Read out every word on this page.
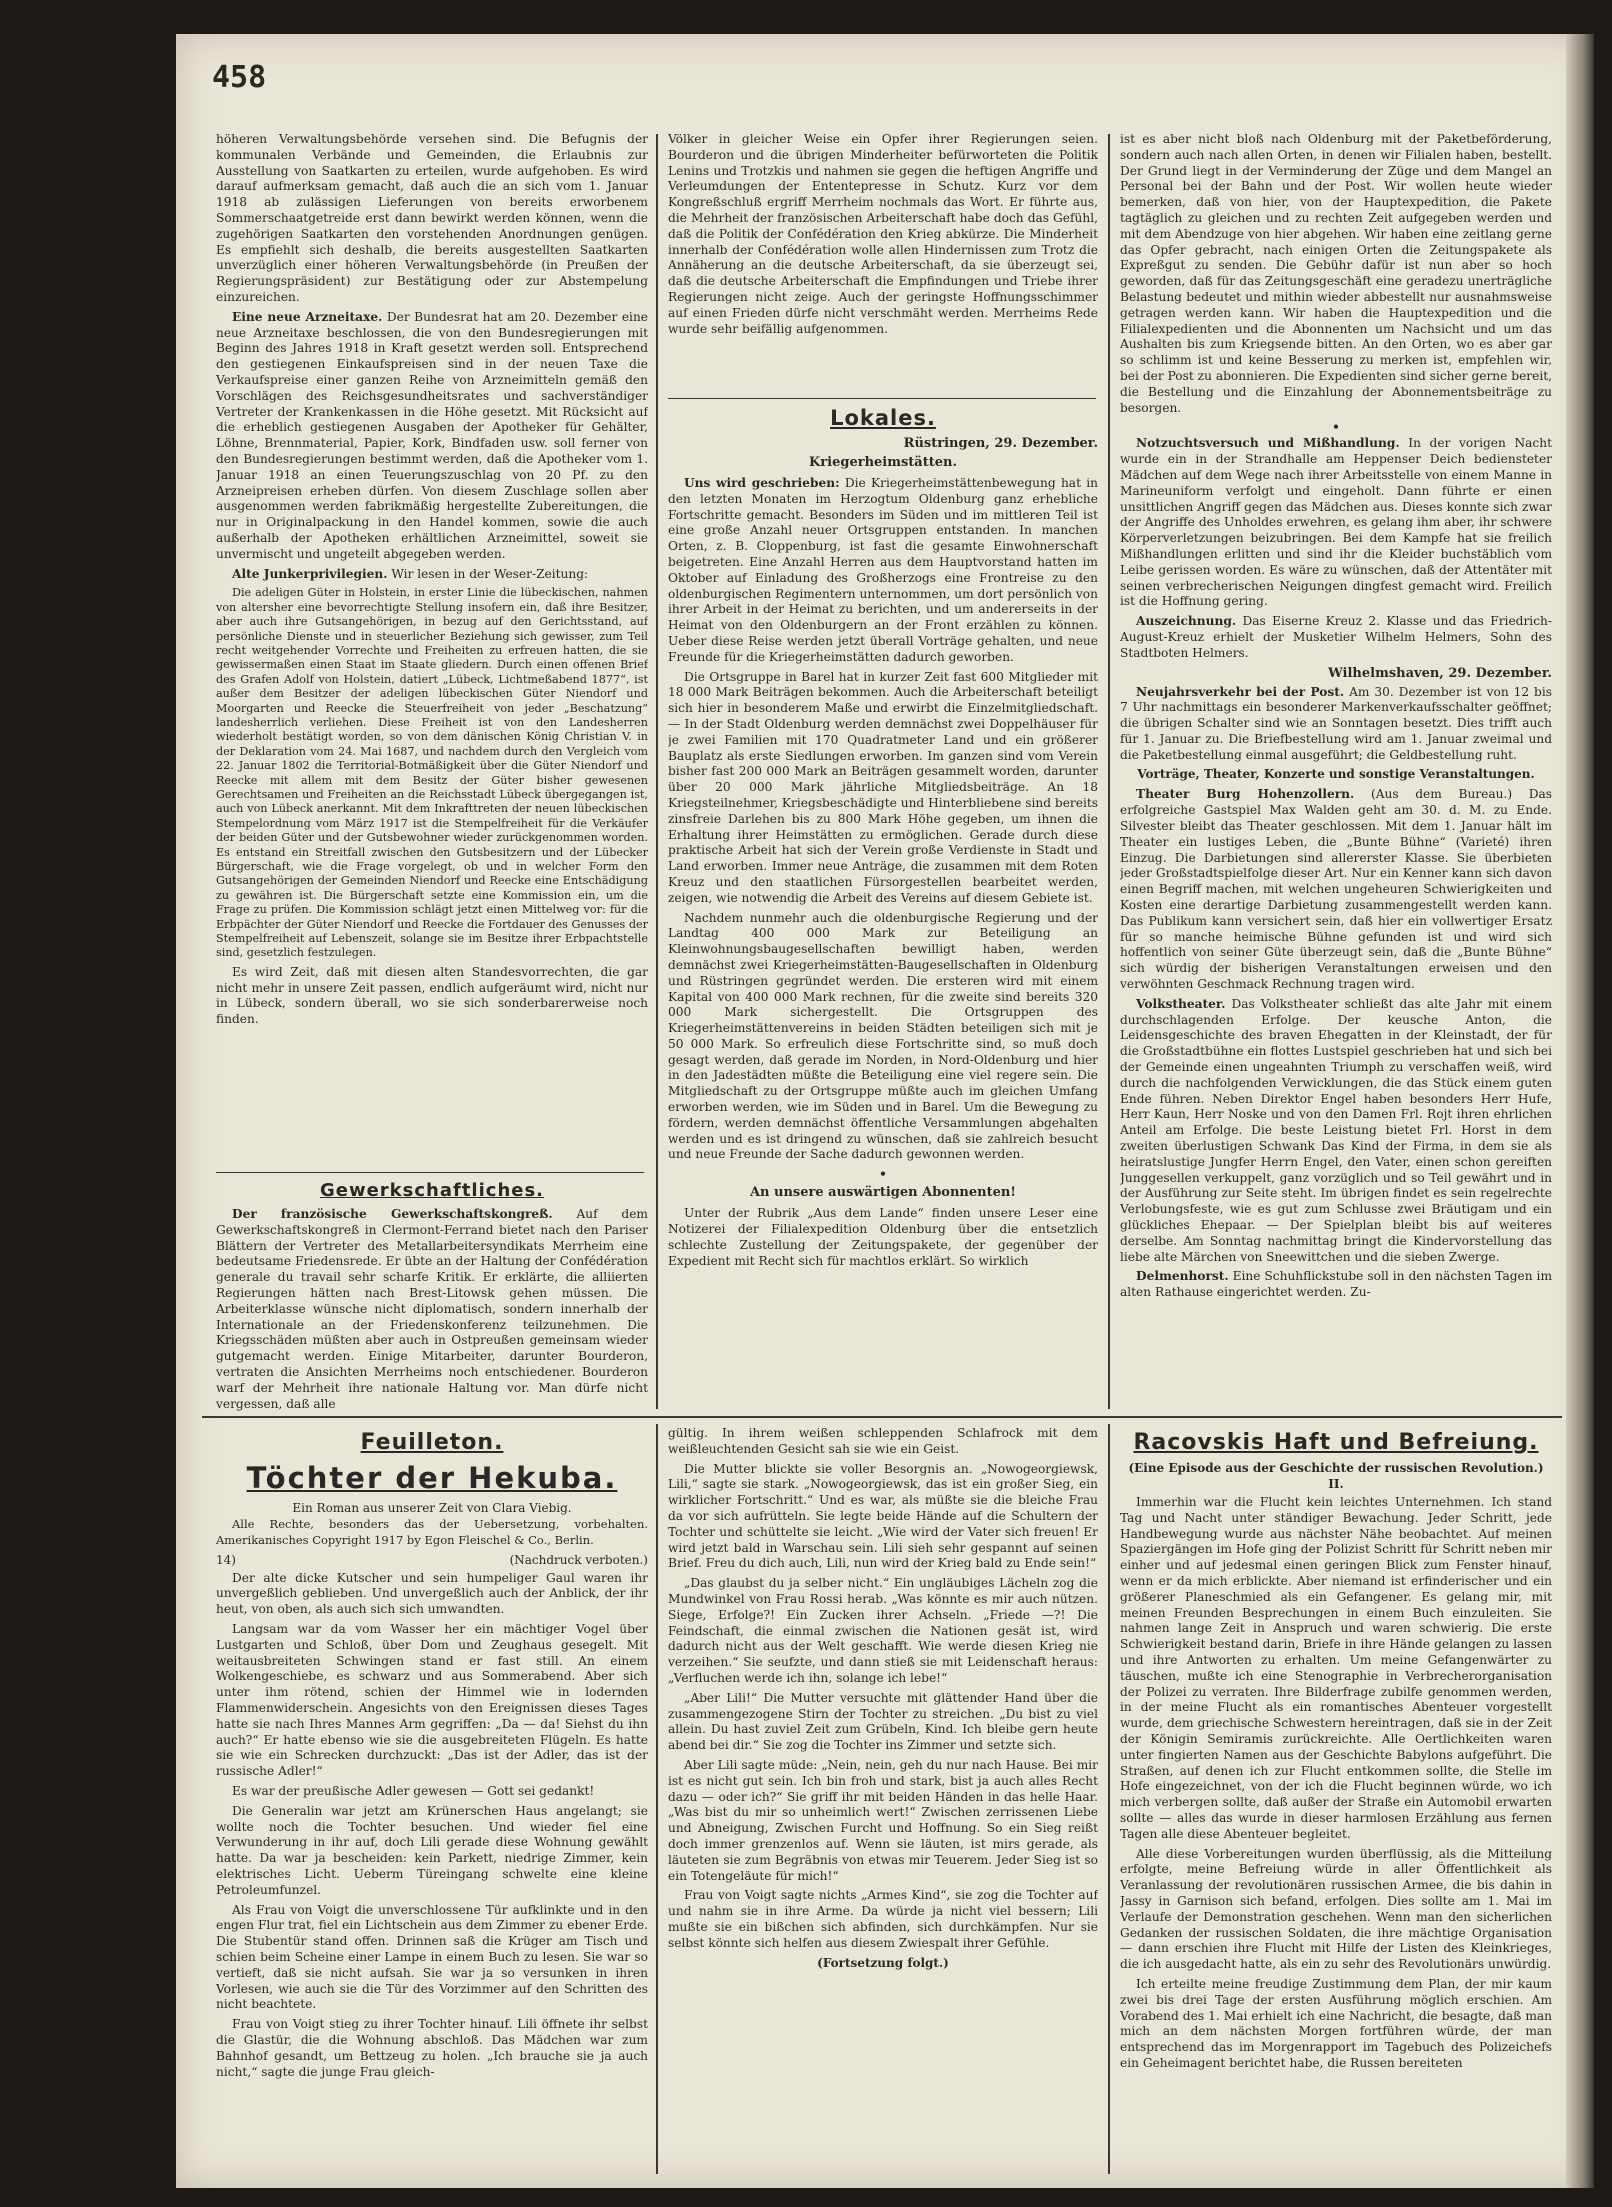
458

höheren Verwaltungsbehörde versehen sind. Die Befugnis der kommunalen Verbände und Gemeinden, die Erlaubnis zur Ausstellung von Saatkarten zu erteilen, wurde aufgehoben. Es wird darauf aufmerksam gemacht, daß auch die an sich vom 1. Januar 1918 ab zulässigen Lieferungen von bereits erworbenem Sommerschaatgetreide erst dann bewirkt werden können, wenn die zugehörigen Saatkarten den vorstehenden Anordnungen genügen. Es empfiehlt sich deshalb, die bereits ausgestellten Saatkarten unverzüglich einer höheren Verwaltungsbehörde (in Preußen der Regierungspräsident) zur Bestätigung oder zur Abstempelung einzureichen.

Eine neue Arzneitaxe. Der Bundesrat hat am 20. Dezember eine neue Arzneitaxe beschlossen, die von den Bundesregierungen mit Beginn des Jahres 1918 in Kraft gesetzt werden soll. Entsprechend den gestiegenen Einkaufspreisen sind in der neuen Taxe die Verkaufspreise einer ganzen Reihe von Arzneimitteln gemäß den Vorschlägen des Reichsgesundheitsrates und sachverständiger Vertreter der Krankenkassen in die Höhe gesetzt. Mit Rücksicht auf die erheblich gestiegenen Ausgaben der Apotheker für Gehälter, Löhne, Brennmaterial, Papier, Kork, Bindfaden usw. soll ferner von den Bundesregierungen bestimmt werden, daß die Apotheker vom 1. Januar 1918 an einen Teuerungszuschlag von 20 Pf. zu den Arzneipreisen erheben dürfen. Von diesem Zuschlage sollen aber ausgenommen werden fabrikmäßig hergestellte Zubereitungen, die nur in Originalpackung in den Handel kommen, sowie die auch außerhalb der Apotheken erhältlichen Arzneimittel, soweit sie unvermischt und ungeteilt abgegeben werden.

Alte Junkerprivilegien. Wir lesen in der Weser-Zeitung:

Die adeligen Güter in Holstein, in erster Linie die lübeckischen, nahmen von altersher eine bevorrechtigte Stellung insofern ein, daß ihre Besitzer, aber auch ihre Gutsangehörigen, in bezug auf den Gerichtsstand, auf persönliche Dienste und in steuerlicher Beziehung sich gewisser, zum Teil recht weitgehender Vorrechte und Freiheiten zu erfreuen hatten, die sie gewissermaßen einen Staat im Staate gliedern. Durch einen offenen Brief des Grafen Adolf von Holstein, datiert „Lübeck, Lichtmeßabend 1877“, ist außer dem Besitzer der adeligen lübeckischen Güter Niendorf und Moorgarten und Reecke die Steuerfreiheit von jeder „Beschatzung“ landesherrlich verliehen. Diese Freiheit ist von den Landesherren wiederholt bestätigt worden, so von dem dänischen König Christian V. in der Deklaration vom 24. Mai 1687, und nachdem durch den Vergleich vom 22. Januar 1802 die Territorial-Botmäßigkeit über die Güter Niendorf und Reecke mit allem mit dem Besitz der Güter bisher gewesenen Gerechtsamen und Freiheiten an die Reichsstadt Lübeck übergegangen ist, auch von Lübeck anerkannt. Mit dem Inkrafttreten der neuen lübeckischen Stempelordnung vom März 1917 ist die Stempelfreiheit für die Verkäufer der beiden Güter und der Gutsbewohner wieder zurückgenommen worden. Es entstand ein Streitfall zwischen den Gutsbesitzern und der Lübecker Bürgerschaft, wie die Frage vorgelegt, ob und in welcher Form den Gutsangehörigen der Gemeinden Niendorf und Reecke eine Entschädigung zu gewähren ist. Die Bürgerschaft setzte eine Kommission ein, um die Frage zu prüfen. Die Kommission schlägt jetzt einen Mittelweg vor: für die Erbpächter der Güter Niendorf und Reecke die Fortdauer des Genusses der Stempelfreiheit auf Lebenszeit, solange sie im Besitze ihrer Erbpachtstelle sind, gesetzlich festzulegen.

Es wird Zeit, daß mit diesen alten Standesvorrechten, die gar nicht mehr in unsere Zeit passen, endlich aufgeräumt wird, nicht nur in Lübeck, sondern überall, wo sie sich sonderbarerweise noch finden.

Gewerkschaftliches.

Der französische Gewerkschaftskongreß. Auf dem Gewerkschaftskongreß in Clermont-Ferrand bietet nach den Pariser Blättern der Vertreter des Metallarbeitersyndikats Merrheim eine bedeutsame Friedensrede. Er übte an der Haltung der Confédération generale du travail sehr scharfe Kritik. Er erklärte, die alliierten Regierungen hätten nach Brest-Litowsk gehen müssen. Die Arbeiterklasse wünsche nicht diplomatisch, sondern innerhalb der Internationale an der Friedenskonferenz teilzunehmen. Die Kriegsschäden müßten aber auch in Ostpreußen gemeinsam wieder gutgemacht werden. Einige Mitarbeiter, darunter Bourderon, vertraten die Ansichten Merrheims noch entschiedener. Bourderon warf der Mehrheit ihre nationale Haltung vor. Man dürfe nicht vergessen, daß alle

Völker in gleicher Weise ein Opfer ihrer Regierungen seien. Bourderon und die übrigen Minderheiter befürworteten die Politik Lenins und Trotzkis und nahmen sie gegen die heftigen Angriffe und Verleumdungen der Ententepresse in Schutz. Kurz vor dem Kongreßschluß ergriff Merrheim nochmals das Wort. Er führte aus, die Mehrheit der französischen Arbeiterschaft habe doch das Gefühl, daß die Politik der Confédération den Krieg abkürze. Die Minderheit innerhalb der Confédération wolle allen Hindernissen zum Trotz die Annäherung an die deutsche Arbeiterschaft, da sie überzeugt sei, daß die deutsche Arbeiterschaft die Empfindungen und Triebe ihrer Regierungen nicht zeige. Auch der geringste Hoffnungsschimmer auf einen Frieden dürfe nicht verschmäht werden. Merrheims Rede wurde sehr beifällig aufgenommen.

Lokales.
Rüstringen, 29. Dezember.
Kriegerheimstätten.

Uns wird geschrieben: Die Kriegerheimstättenbewegung hat in den letzten Monaten im Herzogtum Oldenburg ganz erhebliche Fortschritte gemacht. Besonders im Süden und im mittleren Teil ist eine große Anzahl neuer Ortsgruppen entstanden. In manchen Orten, z. B. Cloppenburg, ist fast die gesamte Einwohnerschaft beigetreten. Eine Anzahl Herren aus dem Hauptvorstand hatten im Oktober auf Einladung des Großherzogs eine Frontreise zu den oldenburgischen Regimentern unternommen, um dort persönlich von ihrer Arbeit in der Heimat zu berichten, und um andererseits in der Heimat von den Oldenburgern an der Front erzählen zu können. Ueber diese Reise werden jetzt überall Vorträge gehalten, und neue Freunde für die Kriegerheimstätten dadurch geworben.

Die Ortsgruppe in Barel hat in kurzer Zeit fast 600 Mitglieder mit 18 000 Mark Beiträgen bekommen. Auch die Arbeiterschaft beteiligt sich hier in besonderem Maße und erwirbt die Einzelmitgliedschaft. — In der Stadt Oldenburg werden demnächst zwei Doppelhäuser für je zwei Familien mit 170 Quadratmeter Land und ein größerer Bauplatz als erste Siedlungen erworben. Im ganzen sind vom Verein bisher fast 200 000 Mark an Beiträgen gesammelt worden, darunter über 20 000 Mark jährliche Mitgliedsbeiträge. An 18 Kriegsteilnehmer, Kriegsbeschädigte und Hinterbliebene sind bereits zinsfreie Darlehen bis zu 800 Mark Höhe gegeben, um ihnen die Erhaltung ihrer Heimstätten zu ermöglichen. Gerade durch diese praktische Arbeit hat sich der Verein große Verdienste in Stadt und Land erworben. Immer neue Anträge, die zusammen mit dem Roten Kreuz und den staatlichen Fürsorgestellen bearbeitet werden, zeigen, wie notwendig die Arbeit des Vereins auf diesem Gebiete ist.

Nachdem nunmehr auch die oldenburgische Regierung und der Landtag 400 000 Mark zur Beteiligung an Kleinwohnungsbaugesellschaften bewilligt haben, werden demnächst zwei Kriegerheimstätten-Baugesellschaften in Oldenburg und Rüstringen gegründet werden. Die ersteren wird mit einem Kapital von 400 000 Mark rechnen, für die zweite sind bereits 320 000 Mark sichergestellt. Die Ortsgruppen des Kriegerheimstättenvereins in beiden Städten beteiligen sich mit je 50 000 Mark. So erfreulich diese Fortschritte sind, so muß doch gesagt werden, daß gerade im Norden, in Nord-Oldenburg und hier in den Jadestädten müßte die Beteiligung eine viel regere sein. Die Mitgliedschaft zu der Ortsgruppe müßte auch im gleichen Umfang erworben werden, wie im Süden und in Barel. Um die Bewegung zu fördern, werden demnächst öffentliche Versammlungen abgehalten werden und es ist dringend zu wünschen, daß sie zahlreich besucht und neue Freunde der Sache dadurch gewonnen werden.

•
An unsere auswärtigen Abonnenten!

Unter der Rubrik „Aus dem Lande“ finden unsere Leser eine Notizerei der Filialexpedition Oldenburg über die entsetzlich schlechte Zustellung der Zeitungspakete, der gegenüber der Expedient mit Recht sich für machtlos erklärt. So wirklich

ist es aber nicht bloß nach Oldenburg mit der Paketbeförderung, sondern auch nach allen Orten, in denen wir Filialen haben, bestellt. Der Grund liegt in der Verminderung der Züge und dem Mangel an Personal bei der Bahn und der Post. Wir wollen heute wieder bemerken, daß von hier, von der Hauptexpedition, die Pakete tagtäglich zu gleichen und zu rechten Zeit aufgegeben werden und mit dem Abendzuge von hier abgehen. Wir haben eine zeitlang gerne das Opfer gebracht, nach einigen Orten die Zeitungspakete als Expreßgut zu senden. Die Gebühr dafür ist nun aber so hoch geworden, daß für das Zeitungsgeschäft eine geradezu unerträgliche Belastung bedeutet und mithin wieder abbestellt nur ausnahmsweise getragen werden kann. Wir haben die Hauptexpedition und die Filialexpedienten und die Abonnenten um Nachsicht und um das Aushalten bis zum Kriegsende bitten. An den Orten, wo es aber gar so schlimm ist und keine Besserung zu merken ist, empfehlen wir, bei der Post zu abonnieren. Die Expedienten sind sicher gerne bereit, die Bestellung und die Einzahlung der Abonnementsbeiträge zu besorgen.

•

Notzuchtsversuch und Mißhandlung. In der vorigen Nacht wurde ein in der Strandhalle am Heppenser Deich bediensteter Mädchen auf dem Wege nach ihrer Arbeitsstelle von einem Manne in Marineuniform verfolgt und eingeholt. Dann führte er einen unsittlichen Angriff gegen das Mädchen aus. Dieses konnte sich zwar der Angriffe des Unholdes erwehren, es gelang ihm aber, ihr schwere Körperverletzungen beizubringen. Bei dem Kampfe hat sie freilich Mißhandlungen erlitten und sind ihr die Kleider buchstäblich vom Leibe gerissen worden. Es wäre zu wünschen, daß der Attentäter mit seinen verbrecherischen Neigungen dingfest gemacht wird. Freilich ist die Hoffnung gering.

Auszeichnung. Das Eiserne Kreuz 2. Klasse und das Friedrich-August-Kreuz erhielt der Musketier Wilhelm Helmers, Sohn des Stadtboten Helmers.

Wilhelmshaven, 29. Dezember.

Neujahrsverkehr bei der Post. Am 30. Dezember ist von 12 bis 7 Uhr nachmittags ein besonderer Markenverkaufsschalter geöffnet; die übrigen Schalter sind wie an Sonntagen besetzt. Dies trifft auch für 1. Januar zu. Die Briefbestellung wird am 1. Januar zweimal und die Paketbestellung einmal ausgeführt; die Geldbestellung ruht.

Vorträge, Theater, Konzerte und sonstige Veranstaltungen.

Theater Burg Hohenzollern. (Aus dem Bureau.) Das erfolgreiche Gastspiel Max Walden geht am 30. d. M. zu Ende. Silvester bleibt das Theater geschlossen. Mit dem 1. Januar hält im Theater ein lustiges Leben, die „Bunte Bühne“ (Varieté) ihren Einzug. Die Darbietungen sind allererster Klasse. Sie überbieten jeder Großstadtspielfolge dieser Art. Nur ein Kenner kann sich davon einen Begriff machen, mit welchen ungeheuren Schwierigkeiten und Kosten eine derartige Darbietung zusammengestellt werden kann. Das Publikum kann versichert sein, daß hier ein vollwertiger Ersatz für so manche heimische Bühne gefunden ist und wird sich hoffentlich von seiner Güte überzeugt sein, daß die „Bunte Bühne“ sich würdig der bisherigen Veranstaltungen erweisen und den verwöhnten Geschmack Rechnung tragen wird.

Volkstheater. Das Volkstheater schließt das alte Jahr mit einem durchschlagenden Erfolge. Der keusche Anton, die Leidensgeschichte des braven Ehegatten in der Kleinstadt, der für die Großstadtbühne ein flottes Lustspiel geschrieben hat und sich bei der Gemeinde einen ungeahnten Triumph zu verschaffen weiß, wird durch die nachfolgenden Verwicklungen, die das Stück einem guten Ende führen. Neben Direktor Engel haben besonders Herr Hufe, Herr Kaun, Herr Noske und von den Damen Frl. Rojt ihren ehrlichen Anteil am Erfolge. Die beste Leistung bietet Frl. Horst in dem zweiten überlustigen Schwank Das Kind der Firma, in dem sie als heiratslustige Jungfer Herrn Engel, den Vater, einen schon gereiften Junggesellen verkuppelt, ganz vorzüglich und so Teil gewährt und in der Ausführung zur Seite steht. Im übrigen findet es sein regelrechte Verlobungsfeste, wie es gut zum Schlusse zwei Bräutigam und ein glückliches Ehepaar. — Der Spielplan bleibt bis auf weiteres derselbe. Am Sonntag nachmittag bringt die Kindervorstellung das liebe alte Märchen von Sneewittchen und die sieben Zwerge.

Delmenhorst. Eine Schuhflickstube soll in den nächsten Tagen im alten Rathause eingerichtet werden. Zu-

Feuilleton.
Töchter der Hekuba.
Ein Roman aus unserer Zeit von Clara Viebig.

Alle Rechte, besonders das der Uebersetzung, vorbehalten. Amerikanisches Copyright 1917 by Egon Fleischel & Co., Berlin.

14)	(Nachdruck verboten.)

Der alte dicke Kutscher und sein humpeliger Gaul waren ihr unvergeßlich geblieben. Und unvergeßlich auch der Anblick, der ihr heut, von oben, als auch sich sich umwandten.

Langsam war da vom Wasser her ein mächtiger Vogel über Lustgarten und Schloß, über Dom und Zeughaus gesegelt. Mit weitausbreiteten Schwingen stand er fast still. An einem Wolkengeschiebe, es schwarz und aus Sommerabend. Aber sich unter ihm rötend, schien der Himmel wie in lodernden Flammenwiderschein. Angesichts von den Ereignissen dieses Tages hatte sie nach Ihres Mannes Arm gegriffen: „Da — da! Siehst du ihn auch?“ Er hatte ebenso wie sie die ausgebreiteten Flügeln. Es hatte sie wie ein Schrecken durchzuckt: „Das ist der Adler, das ist der russische Adler!“

Es war der preußische Adler gewesen — Gott sei gedankt!

Die Generalin war jetzt am Krünerschen Haus angelangt; sie wollte noch die Tochter besuchen. Und wieder fiel eine Verwunderung in ihr auf, doch Lili gerade diese Wohnung gewählt hatte. Da war ja bescheiden: kein Parkett, niedrige Zimmer, kein elektrisches Licht. Ueberm Türeingang schwelte eine kleine Petroleumfunzel.

Als Frau von Voigt die unverschlossene Tür aufklinkte und in den engen Flur trat, fiel ein Lichtschein aus dem Zimmer zu ebener Erde. Die Stubentür stand offen. Drinnen saß die Krüger am Tisch und schien beim Scheine einer Lampe in einem Buch zu lesen. Sie war so vertieft, daß sie nicht aufsah. Sie war ja so versunken in ihren Vorlesen, wie auch sie die Tür des Vorzimmer auf den Schritten des nicht beachtete.

Frau von Voigt stieg zu ihrer Tochter hinauf. Lili öffnete ihr selbst die Glastür, die die Wohnung abschloß. Das Mädchen war zum Bahnhof gesandt, um Bettzeug zu holen. „Ich brauche sie ja auch nicht,“ sagte die junge Frau gleich-

gültig. In ihrem weißen schleppenden Schlafrock mit dem weißleuchtenden Gesicht sah sie wie ein Geist.

Die Mutter blickte sie voller Besorgnis an. „Nowogeorgiewsk, Lili,“ sagte sie stark. „Nowogeorgiewsk, das ist ein großer Sieg, ein wirklicher Fortschritt.“ Und es war, als müßte sie die bleiche Frau da vor sich aufrütteln. Sie legte beide Hände auf die Schultern der Tochter und schüttelte sie leicht. „Wie wird der Vater sich freuen! Er wird jetzt bald in Warschau sein. Lili sieh sehr gespannt auf seinen Brief. Freu du dich auch, Lili, nun wird der Krieg bald zu Ende sein!“

„Das glaubst du ja selber nicht.“ Ein ungläubiges Lächeln zog die Mundwinkel von Frau Rossi herab. „Was könnte es mir auch nützen. Siege, Erfolge?! Ein Zucken ihrer Achseln. „Friede —?! Die Feindschaft, die einmal zwischen die Nationen gesät ist, wird dadurch nicht aus der Welt geschafft. Wie werde diesen Krieg nie verzeihen.“ Sie seufzte, und dann stieß sie mit Leidenschaft heraus: „Verfluchen werde ich ihn, solange ich lebe!“

„Aber Lili!“ Die Mutter versuchte mit glättender Hand über die zusammengezogene Stirn der Tochter zu streichen. „Du bist zu viel allein. Du hast zuviel Zeit zum Grübeln, Kind. Ich bleibe gern heute abend bei dir.“ Sie zog die Tochter ins Zimmer und setzte sich.

Aber Lili sagte müde: „Nein, nein, geh du nur nach Hause. Bei mir ist es nicht gut sein. Ich bin froh und stark, bist ja auch alles Recht dazu — oder ich?“ Sie griff ihr mit beiden Händen in das helle Haar. „Was bist du mir so unheimlich wert!“ Zwischen zerrissenen Liebe und Abneigung, Zwischen Furcht und Hoffnung. So ein Sieg reißt doch immer grenzenlos auf. Wenn sie läuten, ist mirs gerade, als läuteten sie zum Begräbnis von etwas mir Teuerem. Jeder Sieg ist so ein Totengeläute für mich!“

Frau von Voigt sagte nichts „Armes Kind“, sie zog die Tochter auf und nahm sie in ihre Arme. Da würde ja nicht viel bessern; Lili mußte sie ein bißchen sich abfinden, sich durchkämpfen. Nur sie selbst könnte sich helfen aus diesem Zwiespalt ihrer Gefühle.

(Fortsetzung folgt.)
Racovskis Haft und Befreiung.
(Eine Episode aus der Geschichte der russischen Revolution.)
II.

Immerhin war die Flucht kein leichtes Unternehmen. Ich stand Tag und Nacht unter ständiger Bewachung. Jeder Schritt, jede Handbewegung wurde aus nächster Nähe beobachtet. Auf meinen Spaziergängen im Hofe ging der Polizist Schritt für Schritt neben mir einher und auf jedesmal einen geringen Blick zum Fenster hinauf, wenn er da mich erblickte. Aber niemand ist erfinderischer und ein größerer Planeschmied als ein Gefangener. Es gelang mir, mit meinen Freunden Besprechungen in einem Buch einzuleiten. Sie nahmen lange Zeit in Anspruch und waren schwierig. Die erste Schwierigkeit bestand darin, Briefe in ihre Hände gelangen zu lassen und ihre Antworten zu erhalten. Um meine Gefangenwärter zu täuschen, mußte ich eine Stenographie in Verbrecherorganisation der Polizei zu verraten. Ihre Bilderfrage zubilfe genommen werden, in der meine Flucht als ein romantisches Abenteuer vorgestellt wurde, dem griechische Schwestern hereintragen, daß sie in der Zeit der Königin Semiramis zurückreichte. Alle Oertlichkeiten waren unter fingierten Namen aus der Geschichte Babylons aufgeführt. Die Straßen, auf denen ich zur Flucht entkommen sollte, die Stelle im Hofe eingezeichnet, von der ich die Flucht beginnen würde, wo ich mich verbergen sollte, daß außer der Straße ein Automobil erwarten sollte — alles das wurde in dieser harmlosen Erzählung aus fernen Tagen alle diese Abenteuer begleitet.

Alle diese Vorbereitungen wurden überflüssig, als die Mitteilung erfolgte, meine Befreiung würde in aller Öffentlichkeit als Veranlassung der revolutionären russischen Armee, die bis dahin in Jassy in Garnison sich befand, erfolgen. Dies sollte am 1. Mai im Verlaufe der Demonstration geschehen. Wenn man den sicherlichen Gedanken der russischen Soldaten, die ihre mächtige Organisation — dann erschien ihre Flucht mit Hilfe der Listen des Kleinkrieges, die ich ausgedacht hatte, als ein zu sehr des Revolutionärs unwürdig.

Ich erteilte meine freudige Zustimmung dem Plan, der mir kaum zwei bis drei Tage der ersten Ausführung möglich erschien. Am Vorabend des 1. Mai erhielt ich eine Nachricht, die besagte, daß man mich an dem nächsten Morgen fortführen würde, der man entsprechend das im Morgenrapport im Tagebuch des Polizeichefs ein Geheimagent berichtet habe, die Russen bereiteten
